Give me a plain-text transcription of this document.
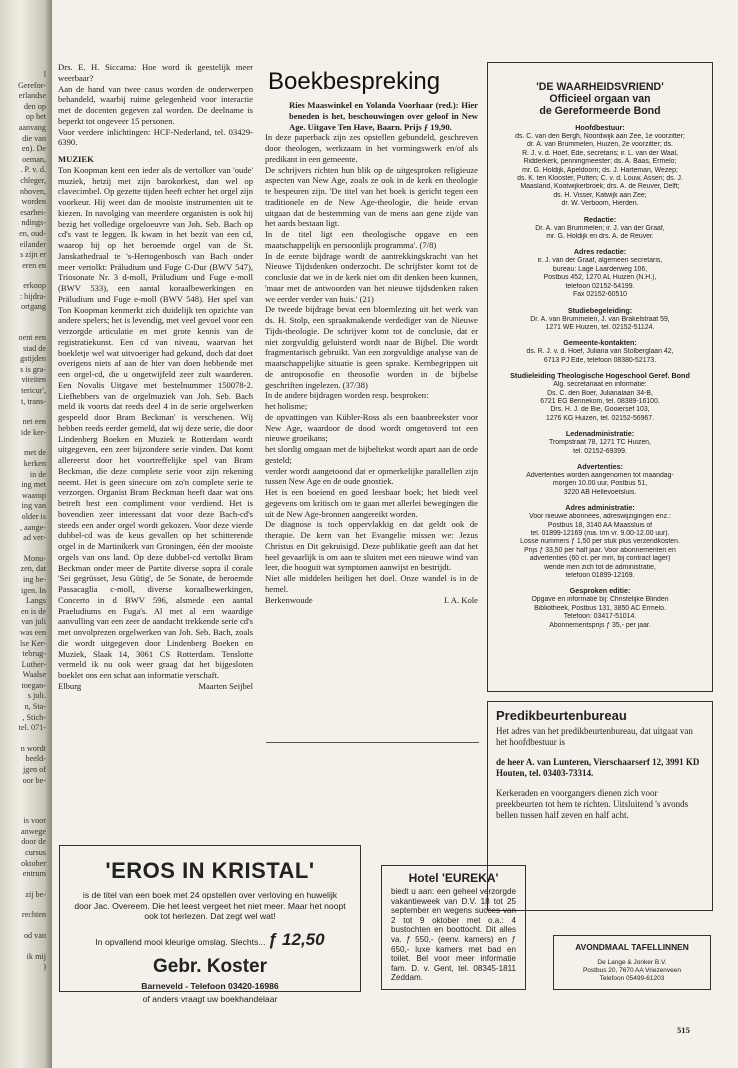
l
Gerefor-
erlandse
den op
op het
aanvang
die van
en). De
oeman,
. P. v. d.
chleger,
nhoven,
worden
esarbei-
ndings-
en, oud-
eilander
s zijn er
eren en
erkoop
: bijdra-
ortgang
oent een
stad de
gstijden
s is gra-
viteiten
tericur',
t, trans-
net een
ide ker-
met de
kerken
in de
ing met
waarop
ing van
older is
, aange-
ad ver-
Monu-
zen, dat
ing be-
igen. In
Langs
en is de
van juli
was een
lse Ker-
tebrug-
Luther-
Waalse
toegan-
s juli.
n, Sta-
, Stich-
tel. 071-
n wordt
beeld-
jgen of
oor be-
is voor
anwege
door de
cursus
oktober
entrum
zij be-
rechten
od van
ik mij
)

Drs. E. H. Siccama: Hoe word ik geestelijk meer weerbaar?

Aan de hand van twee casus worden de onderwerpen behandeld, waarbij ruime gelegenheid voor interactie met de docenten gegeven zal worden. De deelname is beperkt tot ongeveer 15 personen.

Voor verdere inlichtingen: HCF-Nederland, tel. 03429-6390.

MUZIEK

Ton Koopman kent een ieder als de vertolker van 'oude' muziek, hetzij met zijn barokorkest, dan wel op clavecimbel. Op gezette tijden heeft echter het orgel zijn voorkeur. Hij weet dan de mooiste instrumenten uit te kiezen. In navolging van meerdere organisten is ook hij bezig het volledige orgeloeuvre van Joh. Seb. Bach op cd's vast te leggen. Ik kwam in het bezit van een cd, waarop hij op het beroemde orgel van de St. Janskathedraal te 's-Hertogenbosch van Bach onder meer vertolkt: Präludium und Fuge C-Dur (BWV 547), Triosonate Nr. 3 d-moll, Präludium und Fuge e-moll (BWV 533), een aantal koraalbewerkingen en Präludium und Fuge e-moll (BWV 548). Het spel van Ton Koopman kenmerkt zich duidelijk ten opzichte van andere spelers; het is levendig, met veel gevoel voor een verzorgde articulatie en met grote kennis van de registratiekunst. Een cd van niveau, waarvan het boekletje wel wat uitvoeriger had gekund, doch dat doet overigens niets af aan de hier van doen hebbende met een orgel-cd, die u ongetwijfeld zeer zult waarderen. Een Novalis Uitgave met bestelnummer 150078-2. Liefhebbers van de orgelmuziek van Joh. Seb. Bach meld ik voorts dat reeds deel 4 in de serie orgelwerken gespeeld door Bram Beckman' is verschenen. Wij hebben reeds eerder gemeld, dat wij deze serie, die door Lindenberg Boeken en Muziek te Rotterdam wordt uitgegeven, een zeer bijzondere serie vinden. Dat komt allereerst door het voortreffelijke spel van Bram Beckman, die deze complete serie voor zijn rekening neemt. Het is geen sinecure om zo'n complete serie te verzorgen. Organist Bram Beckman heeft daar wat ons betreft best een compliment voor verdiend. Het is bovendien zeer interessant dat voor deze Bach-cd's steeds een ander orgel wordt gekozen. Voor deze vierde dubbel-cd was de keus gevallen op het schitterende orgel in de Martinikerk van Groningen, één der mooiste orgels van ons land. Op deze dubbel-cd vertolkt Bram Beckman onder meer de Partite diverse sopra il corale 'Sei gegrüsset, Jesu Gütig', de 5e Sonate, de beroemde Passacaglia c-moll, diverse koraalbewerkingen, Concerto in d BWV 596, alsmede een aantal Praeludiums en Fuga's. Al met al een waardige aanvulling van een zeer de aandacht trekkende serie cd's met onvolprezen orgelwerken van Joh. Seb. Bach, zoals die wordt uitgegeven door Lindenberg Boeken en Muziek, Slaak 14, 3061 CS Rotterdam. Tenslotte vermeld ik nu ook weer graag dat het bijgesloten boeklet ons een schat aan informatie verschaft.

Elburg	Maarten Seijbel

Boekbespreking

Ries Maaswinkel en Yolanda Voorhaar (red.): Hier beneden is het, beschouwingen over geloof in New Age. Uitgave Ten Have, Baarn. Prijs ƒ 19,90.

In deze paperback zijn zes opstellen gebundeld, geschreven door theologen, werkzaam in het vormingswerk en/of als predikant in een gemeente.

De schrijvers richten hun blik op de uitgesproken religieuze aspecten van New Age, zoals ze ook in de kerk en theologie te bespeuren zijn. 'De titel van het boek is gericht tegen een traditionele en de New Age-theologie, die beide ervan uitgaan dat de bestemming van de mens aan gene zijde van het aards bestaan ligt.

In de titel ligt een theologische opgave en een maatschappelijk en persoonlijk programma'. (7/8)

In de eerste bijdrage wordt de aantrekkingskracht van het Nieuwe Tijdsdenken onderzocht. De schrijfster komt tot de conclusie dat we in de kerk niet om dit denken heen kunnen, 'maar met de antwoorden van het nieuwe tijdsdenken raken we eerder verder van huis.' (21)

De tweede bijdrage bevat een bloemlezing uit het werk van ds. H. Stolp, een spraakmakende verdediger van de Nieuwe Tijds-theologie. De schrijver komt tot de conclusie, dat er niet zorgvuldig geluisterd wordt naar de Bijbel. Die wordt fragmentarisch gebruikt. Van een zorgvuldige analyse van de maatschappelijke situatie is geen sprake. Kernbegrippen uit de antroposofie en theosofie worden in de bijbelse geschriften ingelezen. (37/38)

In de andere bijdragen worden resp. besproken:

het holisme;

de opvattingen van Kübler-Ross als een baanbreekster voor New Age, waardoor de dood wordt omgetoverd tot een nieuwe groeikans;

het slordig omgaan met de bijbeltekst wordt apart aan de orde gesteld;

verder wordt aangetoond dat er opmerkelijke parallellen zijn tussen New Age en de oude gnostiek.

Het is een boeiend en goed leesbaar boek; het biedt veel gegevens om kritisch om te gaan met allerlei bewegingen die uit de New Age-bronnen aangereikt worden.

De diagnose is toch oppervlakkig en dat geldt ook de therapie. De kern van het Evangelie missen we: Jezus Christus en Dit gekruisigd. Deze publikatie geeft aan dat het heel gevaarlijk is om aan te sluiten met een nieuwe wind van leer, die hooguit wat symptomen aanwijst en bestrijdt.

Niet alle middelen heiligen het doel. Onze wandel is in de hemel.

Berkenwoude	I. A. Kole

'DE WAARHEIDSVRIEND'
Officieel orgaan van
de Gereformeerde Bond
Hoofdbestuur:
ds. C. van den Bergh, Noordwijk aan Zee, 1e voorzitter;
dr. A. van Brummelen, Huizen, 2e voorzitter; ds.
R. J. v. d. Hoef, Ede, secretaris; ir. L. van der Waal,
Ridderkerk, penningmeester; ds. A. Baas, Ermelo;
mr. G. Holdijk, Apeldoorn; ds. J. Harteman, Wezep;
ds. K. ten Klooster, Putten; C. v. d. Louw, Assen; ds. J.
Maasland, Kootwijkerbroek; drs. A. de Reuver, Delft;
ds. H. Visser, Katwijk aan Zee;
dr. W. Verboom, Hierden.
Redactie:
Dr. A. van Brummelen; ir. J. van der Graaf,
mr. G. Holdijk en drs. A. de Reuver.
Adres redactie:
ir. J. van der Graaf, algemeen secretaris,
bureau: Lage Laarderweg 106,
Postbus 452, 1270 AL Huizen (N.H.),
telefoon 02152-54199.
Fax 02152-60510
Studiebegeleiding:
Dr. A. van Brummelen, J. van Brakelstraat 59,
1271 WE Huizen, tel. 02152-51124.
Gemeente-kontakten:
ds. R. J. v. d. Hoef, Juliana van Stolberglaan 42,
6713 PJ Ede, telefoon 08380-52173.
Studieleiding Theologische Hogeschool Geref. Bond
Alg. secretariaat en informatie:
Ds. C. den Boer, Julianalaan 34-B,
6721 EG Bennekom, tel. 08389-16100.
Drs. H. J. de Bie, Gooiersef 103,
1276 KG Huizen, tel. 02152-56967.
Ledenadministratie:
Trompstraat 78, 1271 TC Huizen,
tel. 02152-69399.
Advertenties:
Advertenties worden aangenomen tot maandag-
morgen 10.00 uur, Postbus 51,
3220 AB Hellevoetsluis.
Adres administratie:
Voor nieuwe abonnees, adreswijzigingen enz.:
Postbus 18, 3140 AA Maassluis of
tel. 01899-12169 (ma. t/m vr. 9.00-12.00 uur).
Losse nummers ƒ 1,50 per stuk plus verzendkosten.
Prijs ƒ 33,50 per half jaar. Voor abonnementen en
advertenties (60 ct. per mm, bij contract lager)
wende men zich tot de administratie,
telefoon 01899-12169.
Gesproken editie:
Opgave en informatie bij: Christelijke Blinden
Bibliotheek, Postbus 131, 3850 AC Ermelo.
Telefoon: 03417-51014.
Abonnementsprijs ƒ 35,- per jaar.
Predikbeurtenbureau
Het adres van het predikbeurtenbureau, dat uitgaat van het hoofdbestuur is
de heer A. van Lunteren, Vierschaarserf 12, 3991 KD Houten, tel. 03403-73314.
Kerkeraden en voorgangers dienen zich voor preekbeurten tot hem te richten. Uitsluitend 's avonds bellen tussen half zeven en half acht.
'EROS IN KRISTAL'
is de titel van een boek met 24 opstellen over verloving en huwelijk door Jac. Overeem. Die het leest vergeet het niet meer. Maar het noopt ook tot herlezen. Dat zegt wel wat!
In opvallend mooi kleurige omslag. Slechts... ƒ 12,50
Gebr. Koster
Barneveld - Telefoon 03420-16986
of anders vraagt uw boekhandelaar
Hotel 'EUREKA'
biedt u aan: een geheel verzorgde vakantieweek van D.V. 18 tot 25 september en wegens succes van 2 tot 9 oktober met o.a.: 4 bustochten en boottocht. Dit alles va. ƒ 550,- (eenv. kamers) en ƒ 650,- luxe kamers met bad en toilet. Bel voor meer informatie fam. D. v. Gent, tel. 08345-1811 Zeddam.
AVONDMAAL TAFELLINNEN
De Lange & Jonker B.V.
Postbus 20, 7670 AA Vriezenveen
Telefoon 05499-61203
515
